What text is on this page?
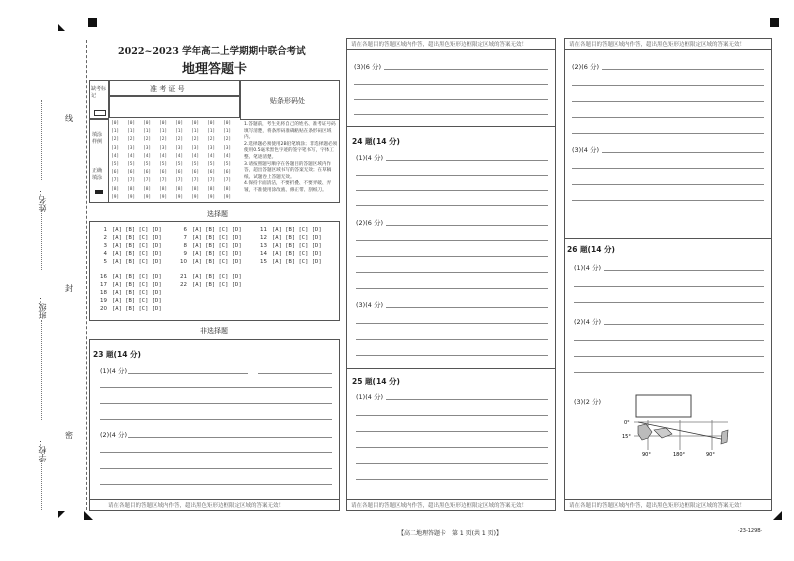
姓名：
班级：
学校：
线
封
密
2022~2023 学年高二上学期期中联合考试
地理答题卡
缺考标记
填涂样例
正确填涂
准 考 证 号
贴条形码处
[0]
[1]
[2]
[3]
[4]
[5]
[6]
[7]
[8]
[9]
[0]
[1]
[2]
[3]
[4]
[5]
[6]
[7]
[8]
[9]
[0]
[1]
[2]
[3]
[4]
[5]
[6]
[7]
[8]
[9]
[0]
[1]
[2]
[3]
[4]
[5]
[6]
[7]
[8]
[9]
[0]
[1]
[2]
[3]
[4]
[5]
[6]
[7]
[8]
[9]
[0]
[1]
[2]
[3]
[4]
[5]
[6]
[7]
[8]
[9]
[0]
[1]
[2]
[3]
[4]
[5]
[6]
[7]
[8]
[9]
[0]
[1]
[2]
[3]
[4]
[5]
[6]
[7]
[8]
[9]
1.答题前，考生先将自己的姓名、准考证号码填写清楚，将条形码准确粘贴在条形码区域内。
2.选择题必须使用2B铅笔填涂；非选择题必须使用0.5毫米黑色字迹的签字笔书写，字体工整、笔迹清楚。
3.请按照题号顺序在各题目的答题区域内作答，超出答题区域书写的答案无效；在草稿纸、试题卷上答题无效。
4.保持卡面清洁，不要折叠、不要弄破、弄皱，不准使用涂改液、修正带、刮纸刀。
选择题
1 [A] [B] [C] [D]
2 [A] [B] [C] [D]
3 [A] [B] [C] [D]
4 [A] [B] [C] [D]
5 [A] [B] [C] [D]
6 [A] [B] [C] [D]
7 [A] [B] [C] [D]
8 [A] [B] [C] [D]
9 [A] [B] [C] [D]
10 [A] [B] [C] [D]
11 [A] [B] [C] [D]
12 [A] [B] [C] [D]
13 [A] [B] [C] [D]
14 [A] [B] [C] [D]
15 [A] [B] [C] [D]
16 [A] [B] [C] [D]
17 [A] [B] [C] [D]
18 [A] [B] [C] [D]
19 [A] [B] [C] [D]
20 [A] [B] [C] [D]
21 [A] [B] [C] [D]
22 [A] [B] [C] [D]
非选择题
23 题(14 分)
(1)(4 分)
(2)(4 分)
请在各题目的答题区域内作答，超出黑色矩形边框限定区域的答案无效！
请在各题目的答题区域内作答，超出黑色矩形边框限定区域的答案无效！
(3)(6 分)
24 题(14 分)
(1)(4 分)
(2)(6 分)
(3)(4 分)
25 题(14 分)
(1)(4 分)
请在各题目的答题区域内作答，超出黑色矩形边框限定区域的答案无效！
请在各题目的答题区域内作答，超出黑色矩形边框限定区域的答案无效！
(2)(6 分)
(3)(4 分)
26 题(14 分)
(1)(4 分)
(2)(4 分)
(3)(2 分)
0°
15°
90°	180°	90°
请在各题目的答题区域内作答，超出黑色矩形边框限定区域的答案无效！
【高二地理答题卡　第 1 页(共 1 页)】	·23-129B·
